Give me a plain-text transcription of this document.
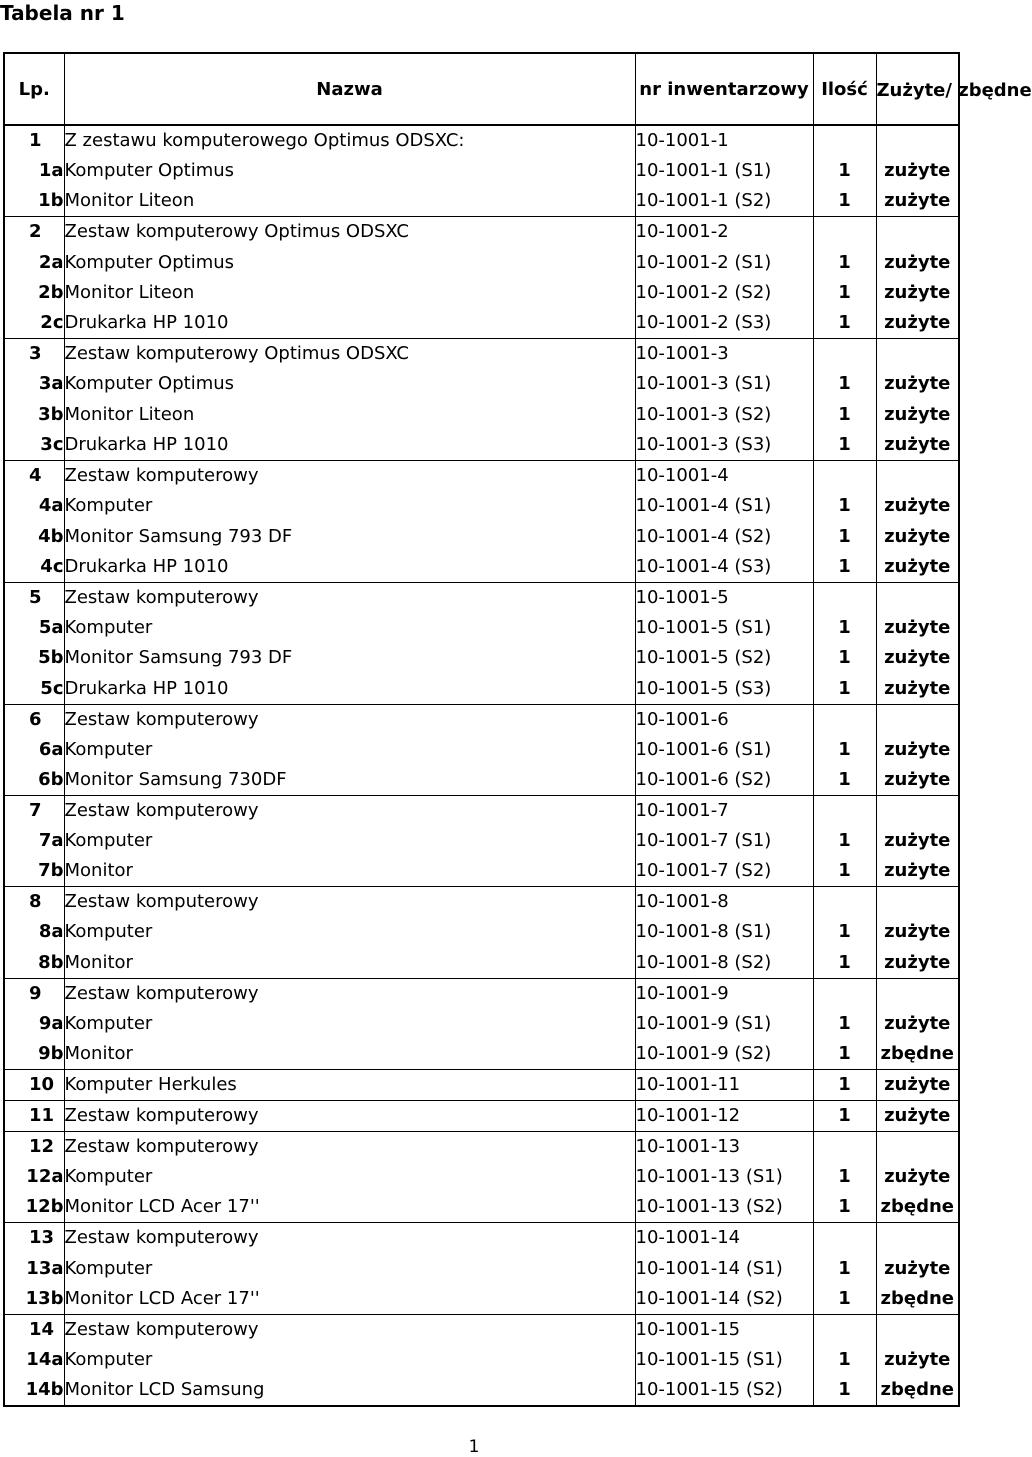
Tabela nr 1
Lp.	Nazwa	nr inwentarzowy	Ilość	Zużyte/ zbędne
1	Z zestawu komputerowego Optimus ODSXC:	10-1001-1		
1a	Komputer Optimus	10-1001-1 (S1)	1	zużyte
1b	Monitor Liteon	10-1001-1 (S2)	1	zużyte
2	Zestaw komputerowy Optimus ODSXC	10-1001-2		
2a	Komputer Optimus	10-1001-2 (S1)	1	zużyte
2b	Monitor Liteon	10-1001-2 (S2)	1	zużyte
2c	Drukarka HP 1010	10-1001-2 (S3)	1	zużyte
3	Zestaw komputerowy Optimus ODSXC	10-1001-3		
3a	Komputer Optimus	10-1001-3 (S1)	1	zużyte
3b	Monitor Liteon	10-1001-3 (S2)	1	zużyte
3c	Drukarka HP 1010	10-1001-3 (S3)	1	zużyte
4	Zestaw komputerowy	10-1001-4		
4a	Komputer	10-1001-4 (S1)	1	zużyte
4b	Monitor Samsung 793 DF	10-1001-4 (S2)	1	zużyte
4c	Drukarka HP 1010	10-1001-4 (S3)	1	zużyte
5	Zestaw komputerowy	10-1001-5		
5a	Komputer	10-1001-5 (S1)	1	zużyte
5b	Monitor Samsung 793 DF	10-1001-5 (S2)	1	zużyte
5c	Drukarka HP 1010	10-1001-5 (S3)	1	zużyte
6	Zestaw komputerowy	10-1001-6		
6a	Komputer	10-1001-6 (S1)	1	zużyte
6b	Monitor Samsung 730DF	10-1001-6 (S2)	1	zużyte
7	Zestaw komputerowy	10-1001-7		
7a	Komputer	10-1001-7 (S1)	1	zużyte
7b	Monitor	10-1001-7 (S2)	1	zużyte
8	Zestaw komputerowy	10-1001-8		
8a	Komputer	10-1001-8 (S1)	1	zużyte
8b	Monitor	10-1001-8 (S2)	1	zużyte
9	Zestaw komputerowy	10-1001-9		
9a	Komputer	10-1001-9 (S1)	1	zużyte
9b	Monitor	10-1001-9 (S2)	1	zbędne
10	Komputer Herkules	10-1001-11	1	zużyte
11	Zestaw komputerowy	10-1001-12	1	zużyte
12	Zestaw komputerowy	10-1001-13		
12a	Komputer	10-1001-13 (S1)	1	zużyte
12b	Monitor LCD Acer 17''	10-1001-13 (S2)	1	zbędne
13	Zestaw komputerowy	10-1001-14		
13a	Komputer	10-1001-14 (S1)	1	zużyte
13b	Monitor LCD Acer 17''	10-1001-14 (S2)	1	zbędne
14	Zestaw komputerowy	10-1001-15		
14a	Komputer	10-1001-15 (S1)	1	zużyte
14b	Monitor LCD Samsung	10-1001-15 (S2)	1	zbędne
1
